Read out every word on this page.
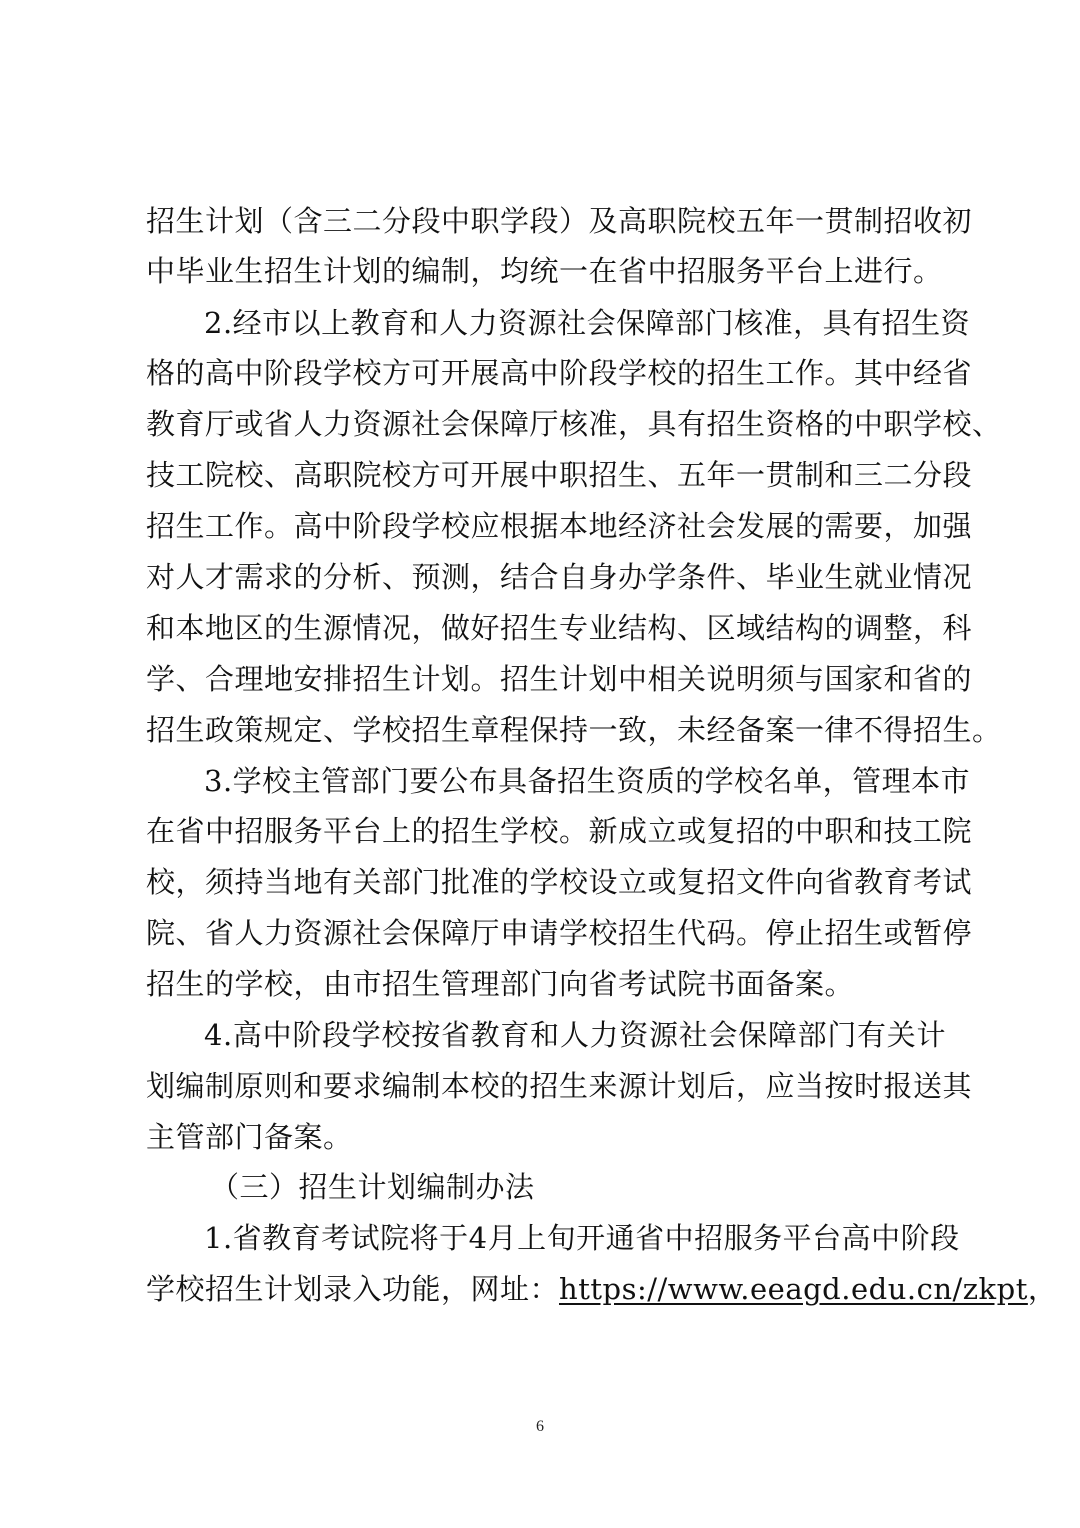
招生计划（含三二分段中职学段）及高职院校五年一贯制招收初
中毕业生招生计划的编制，均统一在省中招服务平台上进行。
2.经市以上教育和人力资源社会保障部门核准，具有招生资
格的高中阶段学校方可开展高中阶段学校的招生工作。其中经省
教育厅或省人力资源社会保障厅核准，具有招生资格的中职学校、
技工院校、高职院校方可开展中职招生、五年一贯制和三二分段
招生工作。高中阶段学校应根据本地经济社会发展的需要，加强
对人才需求的分析、预测，结合自身办学条件、毕业生就业情况
和本地区的生源情况，做好招生专业结构、区域结构的调整，科
学、合理地安排招生计划。招生计划中相关说明须与国家和省的
招生政策规定、学校招生章程保持一致，未经备案一律不得招生。
3.学校主管部门要公布具备招生资质的学校名单，管理本市
在省中招服务平台上的招生学校。新成立或复招的中职和技工院
校，须持当地有关部门批准的学校设立或复招文件向省教育考试
院、省人力资源社会保障厅申请学校招生代码。停止招生或暂停
招生的学校，由市招生管理部门向省考试院书面备案。
4.高中阶段学校按省教育和人力资源社会保障部门有关计
划编制原则和要求编制本校的招生来源计划后，应当按时报送其
主管部门备案。
（三）招生计划编制办法
1.省教育考试院将于4月上旬开通省中招服务平台高中阶段
学校招生计划录入功能，网址：https://www.eeagd.edu.cn/zkpt，
6
